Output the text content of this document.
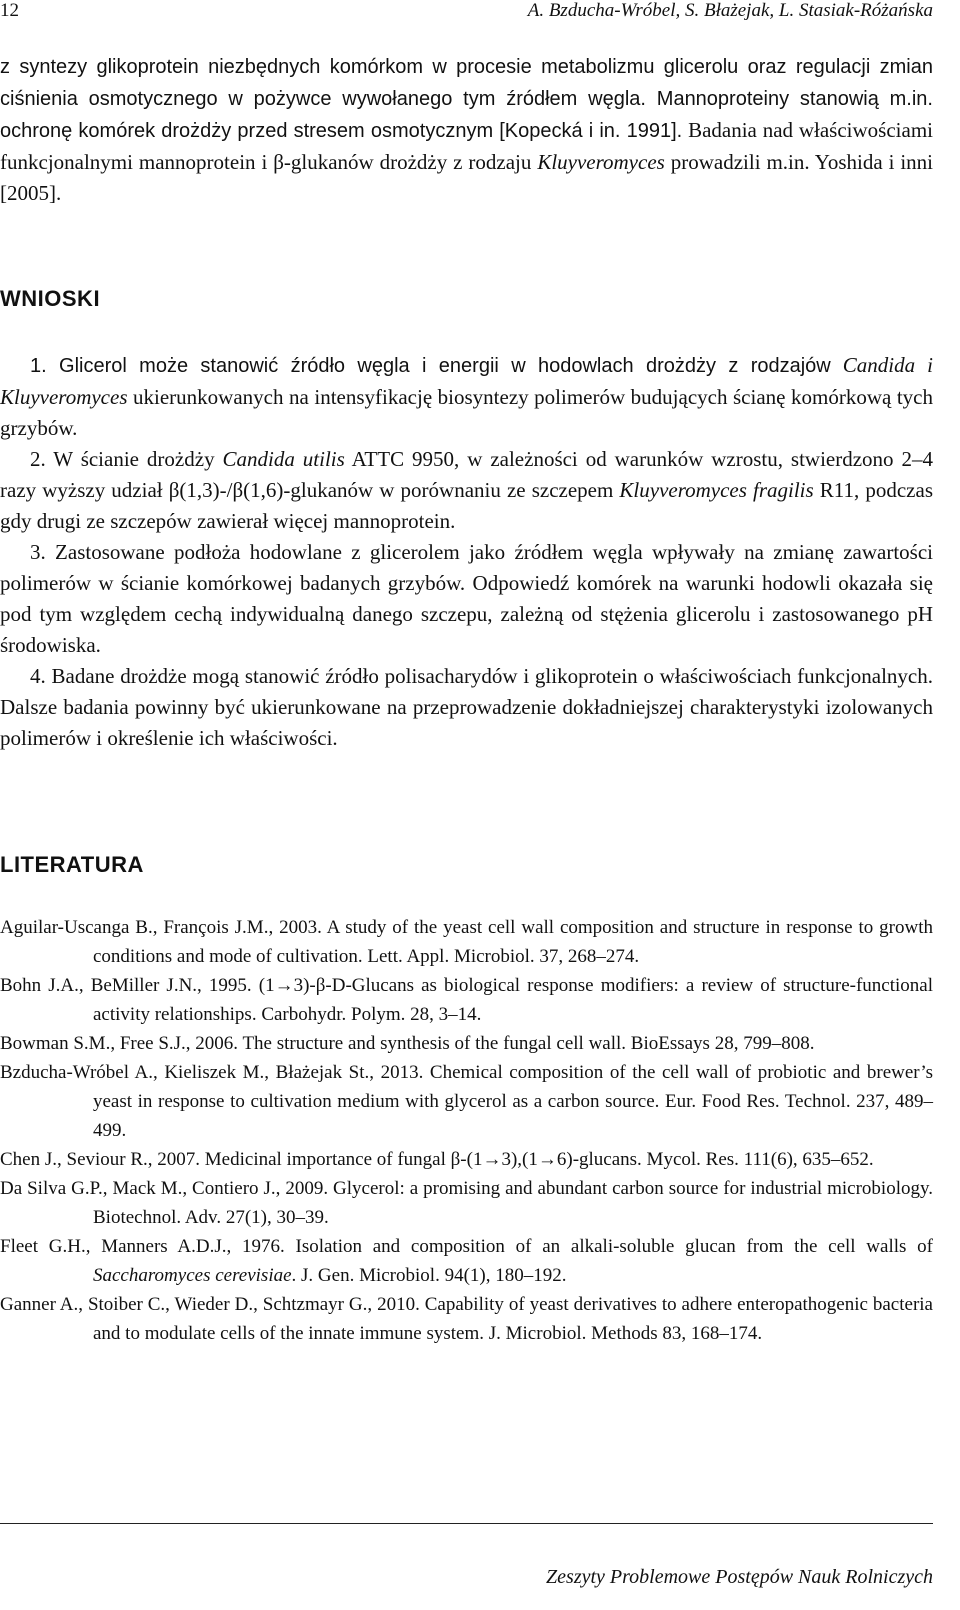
12	A. Bzducha-Wróbel, S. Błażejak, L. Stasiak-Różańska

z syntezy glikoprotein niezbędnych komórkom w procesie metabolizmu glicerolu oraz regulacji zmian ciśnienia osmotycznego w pożywce wywołanego tym źródłem węgla. Mannoproteiny stanowią m.in. ochronę komórek drożdży przed stresem osmotycznym [Kopecká i in. 1991]. Badania nad właściwościami funkcjonalnymi mannoprotein i β-glukanów drożdży z rodzaju Kluyveromyces prowadzili m.in. Yoshida i inni [2005].

WNIOSKI

1. Glicerol może stanowić źródło węgla i energii w hodowlach drożdży z rodzajów Candida i Kluyveromyces ukierunkowanych na intensyfikację biosyntezy polimerów budujących ścianę komórkową tych grzybów.

2. W ścianie drożdży Candida utilis ATTC 9950, w zależności od warunków wzrostu, stwierdzono 2–4 razy wyższy udział β(1,3)-/β(1,6)-glukanów w porównaniu ze szczepem Kluyveromyces fragilis R11, podczas gdy drugi ze szczepów zawierał więcej mannoprotein.

3. Zastosowane podłoża hodowlane z glicerolem jako źródłem węgla wpływały na zmianę zawartości polimerów w ścianie komórkowej badanych grzybów. Odpowiedź komórek na warunki hodowli okazała się pod tym względem cechą indywidualną danego szczepu, zależną od stężenia glicerolu i zastosowanego pH środowiska.

4. Badane drożdże mogą stanowić źródło polisacharydów i glikoprotein o właściwościach funkcjonalnych. Dalsze badania powinny być ukierunkowane na przeprowadzenie dokładniejszej charakterystyki izolowanych polimerów i określenie ich właściwości.

LITERATURA

Aguilar-Uscanga B., François J.M., 2003. A study of the yeast cell wall composition and structure in response to growth conditions and mode of cultivation. Lett. Appl. Microbiol. 37, 268–274.

Bohn J.A., BeMiller J.N., 1995. (1→3)-β-D-Glucans as biological response modifiers: a review of structure-functional activity relationships. Carbohydr. Polym. 28, 3–14.

Bowman S.M., Free S.J., 2006. The structure and synthesis of the fungal cell wall. BioEssays 28, 799–808.

Bzducha-Wróbel A., Kieliszek M., Błażejak St., 2013. Chemical composition of the cell wall of probiotic and brewer’s yeast in response to cultivation medium with glycerol as a carbon source. Eur. Food Res. Technol. 237, 489–499.

Chen J., Seviour R., 2007. Medicinal importance of fungal β-(1→3),(1→6)-glucans. Mycol. Res. 111(6), 635–652.

Da Silva G.P., Mack M., Contiero J., 2009. Glycerol: a promising and abundant carbon source for industrial microbiology. Biotechnol. Adv. 27(1), 30–39.

Fleet G.H., Manners A.D.J., 1976. Isolation and composition of an alkali-soluble glucan from the cell walls of Saccharomyces cerevisiae. J. Gen. Microbiol. 94(1), 180–192.

Ganner A., Stoiber C., Wieder D., Schtzmayr G., 2010. Capability of yeast derivatives to adhere enteropathogenic bacteria and to modulate cells of the innate immune system. J. Microbiol. Methods 83, 168–174.

Zeszyty Problemowe Postępów Nauk Rolniczych
